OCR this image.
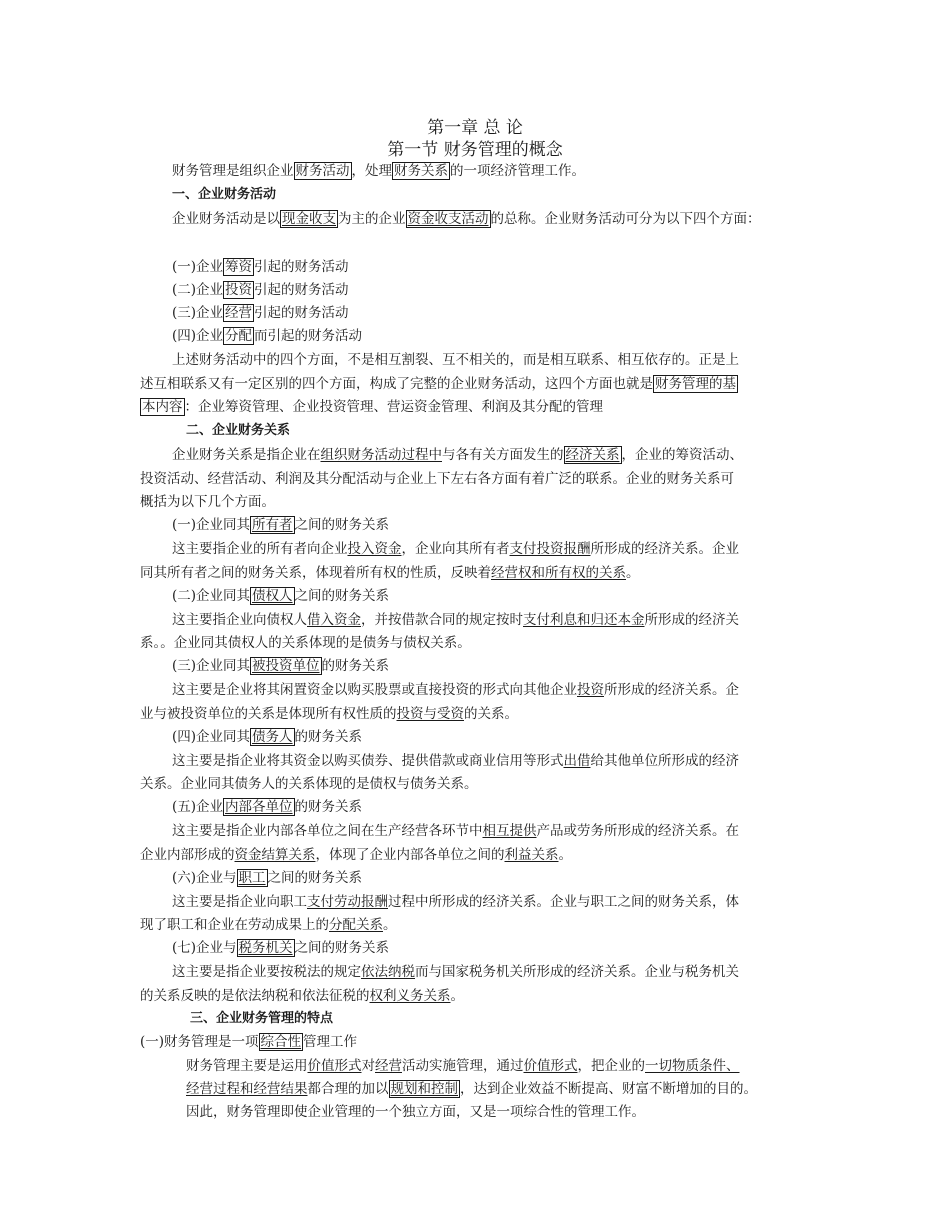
第一章 总 论
第一节 财务管理的概念
财务管理是组织企业 财务活动 ，处理 财务关系 的一项经济管理工作。
一、企业财务活动
企业财务活动是以 现金收支 为主的企业 资金收支活动 的总称。企业财务活动可分为以下四个方面：
(一)企业 筹资 引起的财务活动
(二)企业 投资 引起的财务活动
(三)企业 经营 引起的财务活动
(四)企业 分配 而引起的财务活动
上述财务活动中的四个方面，不是相互割裂、互不相关的，而是相互联系、相互依存的。正是上
述互相联系又有一定区别的四个方面，构成了完整的企业财务活动，这四个方面也就是 财务管理的基
本内容 ：企业筹资管理、企业投资管理、营运资金管理、利润及其分配的管理
二、企业财务关系
企业财务关系是指企业在组织财务活动过程中与各有关方面发生的 经济关系 ，企业的筹资活动、
投资活动、经营活动、利润及其分配活动与企业上下左右各方面有着广泛的联系。企业的财务关系可
概括为以下几个方面。
(一)企业同其 所有者 之间的财务关系
这主要指企业的所有者向企业投入资金，企业向其所有者支付投资报酬所形成的经济关系。企业
同其所有者之间的财务关系，体现着所有权的性质，反映着经营权和所有权的关系。
(二)企业同其 债权人 之间的财务关系
这主要指企业向债权人借入资金，并按借款合同的规定按时支付利息和归还本金所形成的经济关
系。。企业同其债权人的关系体现的是债务与债权关系。
(三)企业同其 被投资单位 的财务关系
这主要是企业将其闲置资金以购买股票或直接投资的形式向其他企业投资所形成的经济关系。企
业与被投资单位的关系是体现所有权性质的投资与受资的关系。
(四)企业同其 债务人 的财务关系
这主要是指企业将其资金以购买债券、提供借款或商业信用等形式出借给其他单位所形成的经济
关系。企业同其债务人的关系体现的是债权与债务关系。
(五)企业 内部各单位 的财务关系
这主要是指企业内部各单位之间在生产经营各环节中相互提供产品或劳务所形成的经济关系。在
企业内部形成的资金结算关系，体现了企业内部各单位之间的利益关系。
(六)企业与 职工 之间的财务关系
这主要是指企业向职工支付劳动报酬过程中所形成的经济关系。企业与职工之间的财务关系，体
现了职工和企业在劳动成果上的分配关系。
(七)企业与 税务机关 之间的财务关系
这主要是指企业要按税法的规定依法纳税而与国家税务机关所形成的经济关系。企业与税务机关
的关系反映的是依法纳税和依法征税的权利义务关系。
三、企业财务管理的特点
(一)财务管理是一项 综合性 管理工作
财务管理主要是运用价值形式对经营活动实施管理，通过价值形式，把企业的一切物质条件、
经营过程和经营结果都合理的加以 规划和控制 ，达到企业效益不断提高、财富不断增加的目的。
因此，财务管理即使企业管理的一个独立方面，又是一项综合性的管理工作。
